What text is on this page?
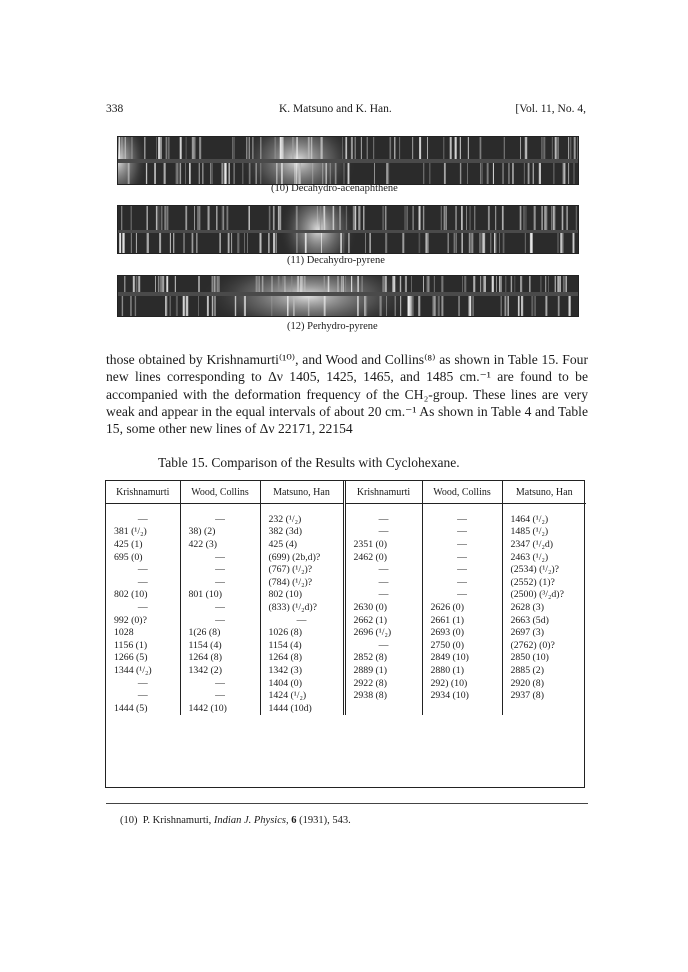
338	K. Matsuno and K. Han.	[Vol. 11, No. 4,
(10) Decahydro-acenaphthene
(11) Decahydro-pyrene
(12) Perhydro-pyrene

those obtained by Krishnamurti⁽¹⁰⁾, and Wood and Collins⁽⁸⁾ as shown in Table 15. Four new lines corresponding to Δν 1405, 1425, 1465, and 1485 cm.⁻¹ are found to be accompanied with the deformation frequency of the CH₂-group. These lines are very weak and appear in the equal intervals of about 20 cm.⁻¹ As shown in Table 4 and Table 15, some other new lines of Δν 22171, 22154

Table 15. Comparison of the Results with Cyclohexane.
Krishnamurti	Wood, Collins	Matsuno, Han	Krishnamurti	Wood, Collins	Matsuno, Han

—	—	232 (¹/₂)	—	—	1464 (¹/₂)
381 (¹/₂)	38) (2)	382 (3d)	—	—	1485 (¹/₂)
425 (1)	422 (3)	425 (4)	2351 (0)	—	2347 (¹/₂d)
695 (0)	—	(699) (2b,d)?	2462 (0)	—	2463 (¹/₂)
—	—	(767) (¹/₂)?	—	—	(2534) (¹/₂)?
—	—	(784) (¹/₂)?	—	—	(2552) (1)?
802 (10)	801 (10)	802 (10)	—	—	(2500) (³/₂d)?
—	—	(833) (¹/₂d)?	2630 (0)	2626 (0)	2628 (3)
992 (0)?	—	—	2662 (1)	2661 (1)	2663 (5d)
1028	1(26 (8)	1026 (8)	2696 (¹/₂)	2693 (0)	2697 (3)
1156 (1)	1154 (4)	1154 (4)	—	2750 (0)	(2762) (0)?
1266 (5)	1264 (8)	1264 (8)	2852 (8)	2849 (10)	2850 (10)
1344 (¹/₂)	1342 (2)	1342 (3)	2889 (1)	2880 (1)	2885 (2)
—	—	1404 (0)	2922 (8)	292) (10)	2920 (8)
—	—	1424 (¹/₂)	2938 (8)	2934 (10)	2937 (8)
1444 (5)	1442 (10)	1444 (10d)			
(10) P. Krishnamurti, Indian J. Physics, 6 (1931), 543.
